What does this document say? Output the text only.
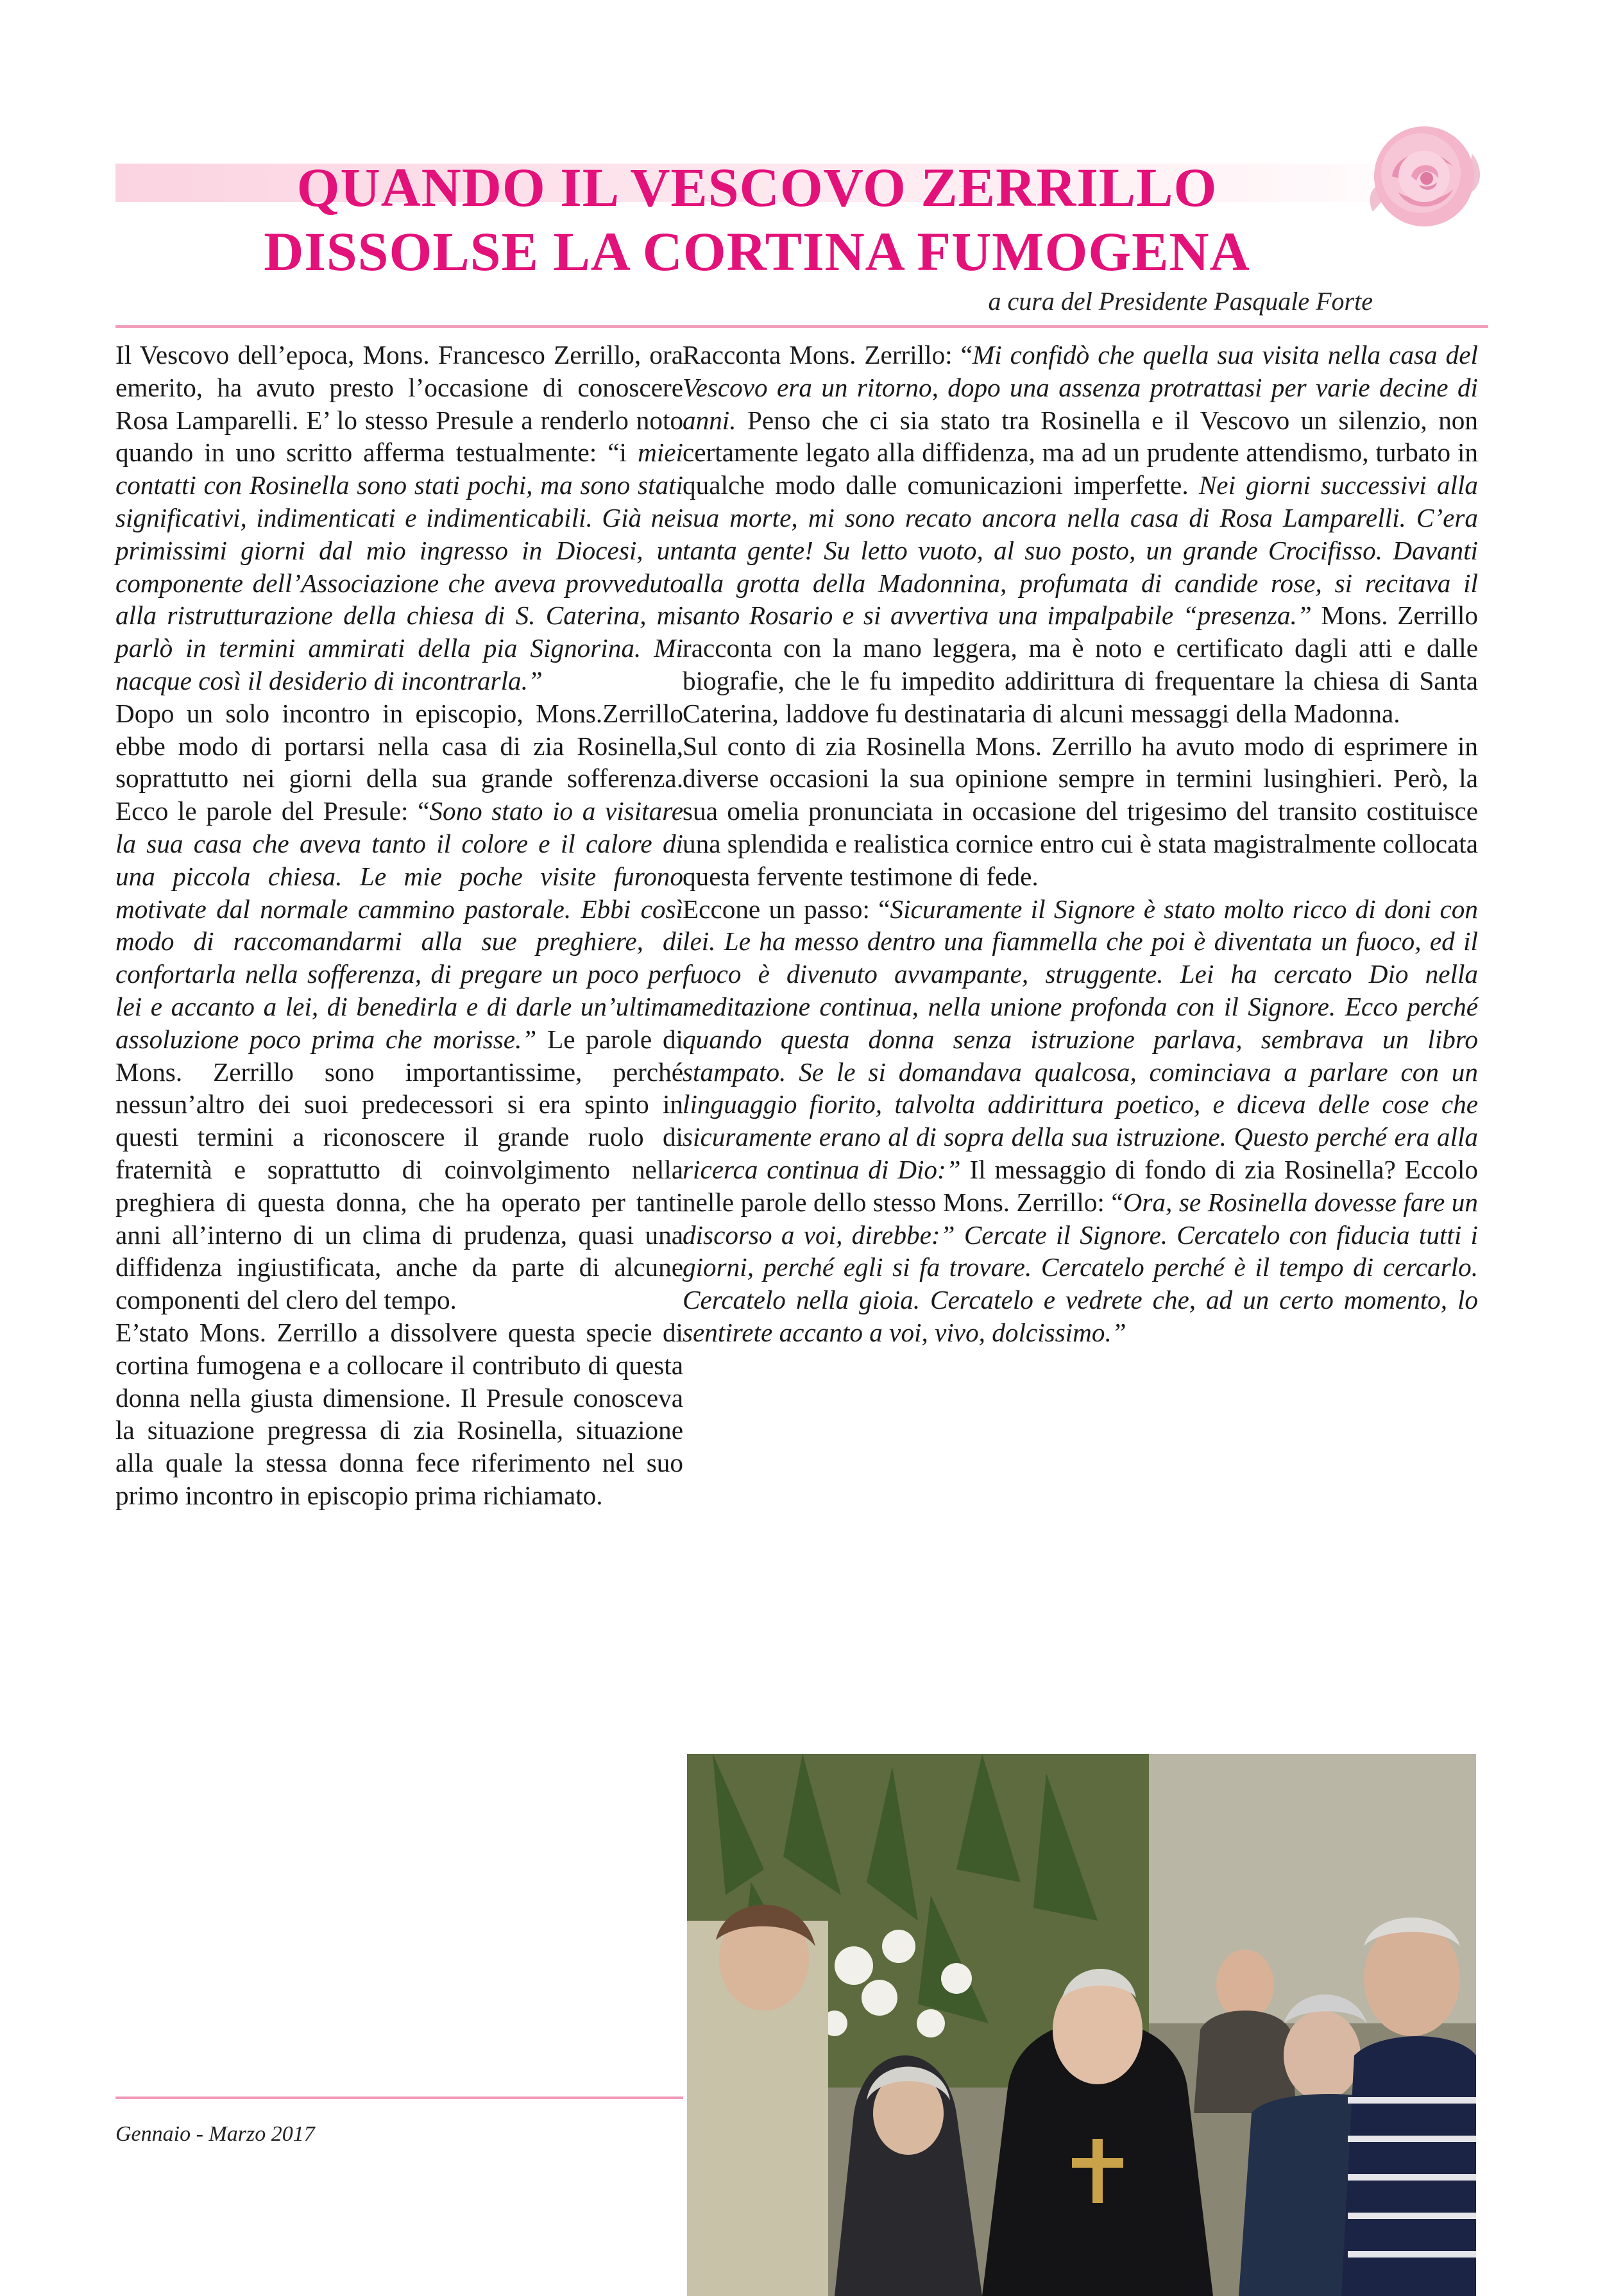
QUANDO IL VESCOVO ZERRILLO
DISSOLSE LA CORTINA FUMOGENA
a cura del Presidente Pasquale Forte

Il Vescovo dell’epoca, Mons. Francesco Zerrillo, ora emerito, ha avuto presto l’occasione di conoscere Rosa Lamparelli. E’ lo stesso Presule a renderlo noto quando in uno scritto afferma testualmente: “i miei contatti con Rosinella sono stati pochi, ma sono stati significativi, indimenticati e indimenticabili. Già nei primissimi giorni dal mio ingresso in Diocesi, un componente dell’Associazione che aveva provveduto alla ristrutturazione della chiesa di S. Caterina, mi parlò in termini ammirati della pia Signorina. Mi nacque così il desiderio di incontrarla.”

Dopo un solo incontro in episcopio, Mons.Zerrillo ebbe modo di portarsi nella casa di zia Rosinella, soprattutto nei giorni della sua grande sofferenza. Ecco le parole del Presule: “Sono stato io a visitare la sua casa che aveva tanto il colore e il calore di una piccola chiesa. Le mie poche visite furono motivate dal normale cammino pastorale. Ebbi così modo di raccomandarmi alla sue preghiere, di confortarla nella sofferenza, di pregare un poco per lei e accanto a lei, di benedirla e di darle un’ultima assoluzione poco prima che morisse.” Le parole di Mons. Zerrillo sono importantissime, perché nessun’altro dei suoi predecessori si era spinto in questi termini a riconoscere il grande ruolo di fraternità e soprattutto di coinvolgimento nella preghiera di questa donna, che ha operato per tanti anni all’interno di un clima di prudenza, quasi una diffidenza ingiustificata, anche da parte di alcune componenti del clero del tempo.

E’stato Mons. Zerrillo a dissolvere questa specie di cortina fumogena e a collocare il contributo di questa donna nella giusta dimensione. Il Presule conosceva la situazione pregressa di zia Rosinella, situazione alla quale la stessa donna fece riferimento nel suo primo incontro in episcopio prima richiamato.

Racconta Mons. Zerrillo: “Mi confidò che quella sua visita nella casa del Vescovo era un ritorno, dopo una assenza protrattasi per varie decine di anni. Penso che ci sia stato tra Rosinella e il Vescovo un silenzio, non certamente legato alla diffidenza, ma ad un prudente attendismo, turbato in qualche modo dalle comunicazioni imperfette. Nei giorni successivi alla sua morte, mi sono recato ancora nella casa di Rosa Lamparelli. C’era tanta gente! Su letto vuoto, al suo posto, un grande Crocifisso. Davanti alla grotta della Madonnina, profumata di candide rose, si recitava il santo Rosario e si avvertiva una impalpabile “presenza.” Mons. Zerrillo racconta con la mano leggera, ma è noto e certificato dagli atti e dalle biografie, che le fu impedito addirittura di frequentare la chiesa di Santa Caterina, laddove fu destinataria di alcuni messaggi della Madonna.

Sul conto di zia Rosinella Mons. Zerrillo ha avuto modo di esprimere in diverse occasioni la sua opinione sempre in termini lusinghieri. Però, la sua omelia pronunciata in occasione del trigesimo del transito costituisce una splendida e realistica cornice entro cui è stata magistralmente collocata questa fervente testimone di fede.

Eccone un passo: “Sicuramente il Signore è stato molto ricco di doni con lei. Le ha messo dentro una fiammella che poi è diventata un fuoco, ed il fuoco è divenuto avvampante, struggente. Lei ha cercato Dio nella meditazione continua, nella unione profonda con il Signore. Ecco perché quando questa donna senza istruzione parlava, sembrava un libro stampato. Se le si domandava qualcosa, cominciava a parlare con un linguaggio fiorito, talvolta addirittura poetico, e diceva delle cose che sicuramente erano al di sopra della sua istruzione. Questo perché era alla ricerca continua di Dio:” Il messaggio di fondo di zia Rosinella? Eccolo nelle parole dello stesso Mons. Zerrillo: “Ora, se Rosinella dovesse fare un discorso a voi, direbbe:” Cercate il Signore. Cercatelo con fiducia tutti i giorni, perché egli si fa trovare. Cercatelo perché è il tempo di cercarlo. Cercatelo nella gioia. Cercatelo e vedrete che, ad un certo momento, lo sentirete accanto a voi, vivo, dolcissimo.”

Gennaio - Marzo 2017
